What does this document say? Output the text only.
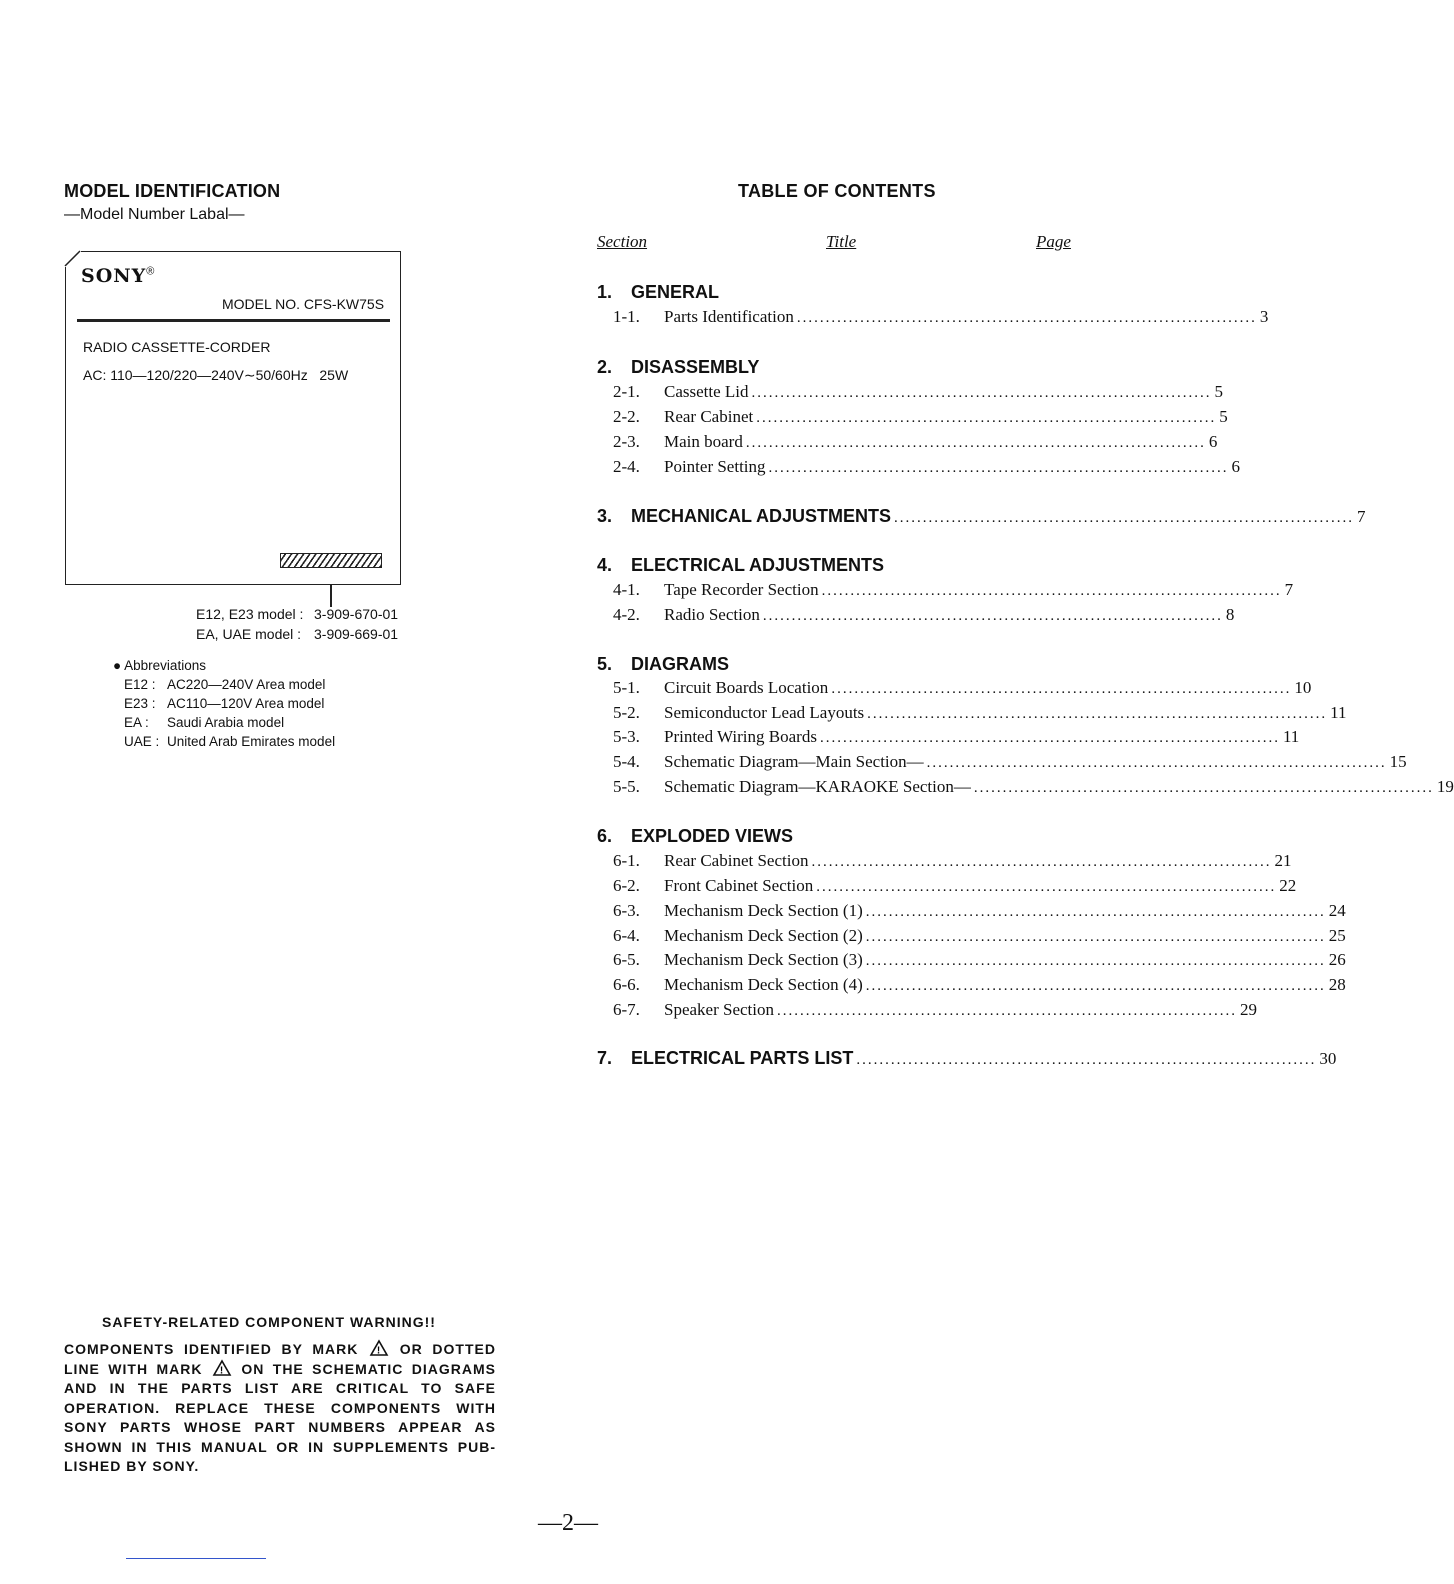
MODEL IDENTIFICATION
—Model Number Labal—
SONY®
MODEL NO. CFS-KW75S
RADIO CASSETTE-CORDER
AC: 110—120/220—240V∼50/60Hz   25W
E12, E23 model : 3-909-670-01
EA, UAE model : 3-909-669-01
● Abbreviations
E12 : AC220—240V Area model
E23 : AC110—120V Area model
EA : Saudi Arabia model
UAE : United Arab Emirates model
SAFETY-RELATED COMPONENT WARNING!!
COMPONENTS IDENTIFIED BY MARK ! OR DOTTED LINE WITH MARK ! ON THE SCHEMATIC DIAGRAMS AND IN THE PARTS LIST ARE CRITICAL TO SAFE OPERATION. REPLACE THESE COMPONENTS WITH SONY PARTS WHOSE PART NUMBERS APPEAR AS SHOWN IN THIS MANUAL OR IN SUPPLEMENTS PUB-LISHED BY SONY.
TABLE OF CONTENTS
Section	Title	Page
1.	GENERAL
1-1.	Parts Identification ................................................................................ 3
2.	DISASSEMBLY
2-1.	Cassette Lid ................................................................................ 5
2-2.	Rear Cabinet ................................................................................ 5
2-3.	Main board ................................................................................ 6
2-4.	Pointer Setting ................................................................................ 6
3.	MECHANICAL ADJUSTMENTS ................................................................................ 7
4.	ELECTRICAL ADJUSTMENTS
4-1.	Tape Recorder Section ................................................................................ 7
4-2.	Radio Section ................................................................................ 8
5.	DIAGRAMS
5-1.	Circuit Boards Location ................................................................................ 10
5-2.	Semiconductor Lead Layouts ................................................................................ 11
5-3.	Printed Wiring Boards ................................................................................ 11
5-4.	Schematic Diagram—Main Section— ................................................................................ 15
5-5.	Schematic Diagram—KARAOKE Section— ................................................................................ 19
6.	EXPLODED VIEWS
6-1.	Rear Cabinet Section ................................................................................ 21
6-2.	Front Cabinet Section ................................................................................ 22
6-3.	Mechanism Deck Section (1) ................................................................................ 24
6-4.	Mechanism Deck Section (2) ................................................................................ 25
6-5.	Mechanism Deck Section (3) ................................................................................ 26
6-6.	Mechanism Deck Section (4) ................................................................................ 28
6-7.	Speaker Section ................................................................................ 29
7.	ELECTRICAL PARTS LIST ................................................................................ 30
—2—
